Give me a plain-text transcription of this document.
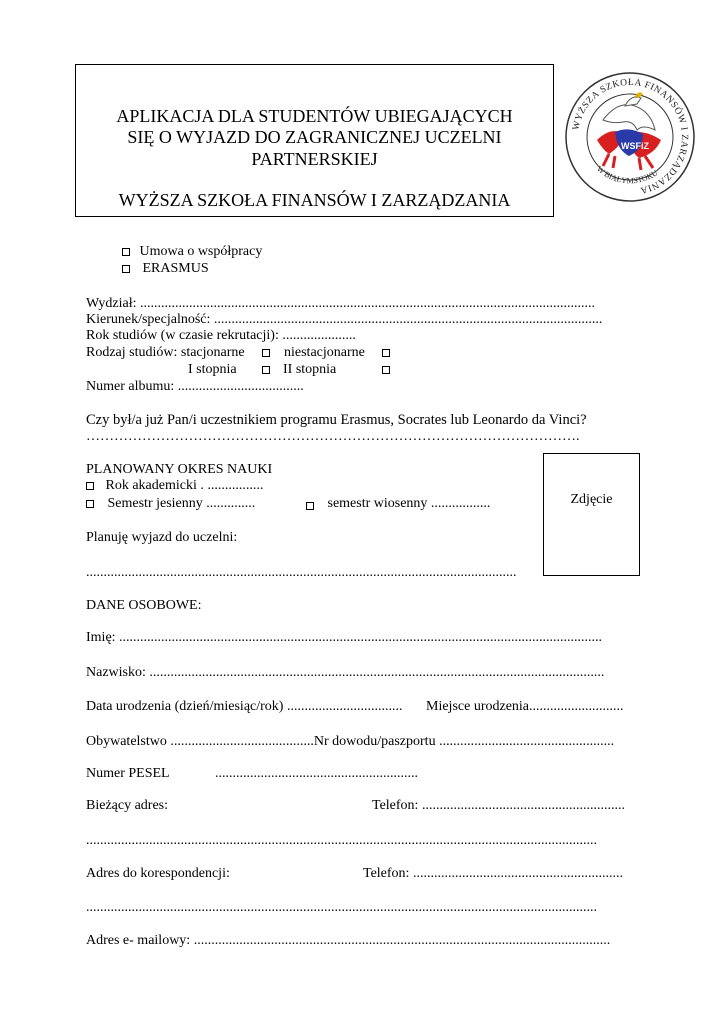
APLIKACJA DLA STUDENTÓW UBIEGAJĄCYCH
SIĘ O WYJAZD DO ZAGRANICZNEJ UCZELNI
PARTNERSKIEJ
WYŻSZA SZKOŁA FINANSÓW I ZARZĄDZANIA
WYŻSZA SZKOŁA FINANSÓW I ZARZĄDZANIA
W BIAŁYMSTOKU
WSFiZ
Umowa o współpracy
ERASMUS
Wydział: ..................................................................................................................................
Kierunek/specjalność: ...............................................................................................................
Rok studiów (w czasie rekrutacji): .....................
Rodzaj studiów: stacjonarne	niestacjonarne
I stopnia	II stopnia
Numer albumu: ....................................
Czy był/a już Pan/i uczestnikiem programu Erasmus, Socrates lub Leonardo da Vinci?
…………………………………………………………………………………………….
PLANOWANY OKRES NAUKI
Rok akademicki . ................
Semestr jesienny ..............	semestr wiosenny .................
Planuję wyjazd do uczelni:
...........................................................................................................................
Zdjęcie
DANE OSOBOWE:
Imię: ..........................................................................................................................................
Nazwisko: ..................................................................................................................................
Data urodzenia (dzień/miesiąc/rok) ................................. Miejsce urodzenia...........................
Obywatelstwo .........................................Nr dowodu/paszportu ..................................................
Numer PESEL	..........................................................
Bieżący adres:	Telefon: ..........................................................
..................................................................................................................................................
Adres do korespondencji:	Telefon: ............................................................
..................................................................................................................................................
Adres e- mailowy: .......................................................................................................................
